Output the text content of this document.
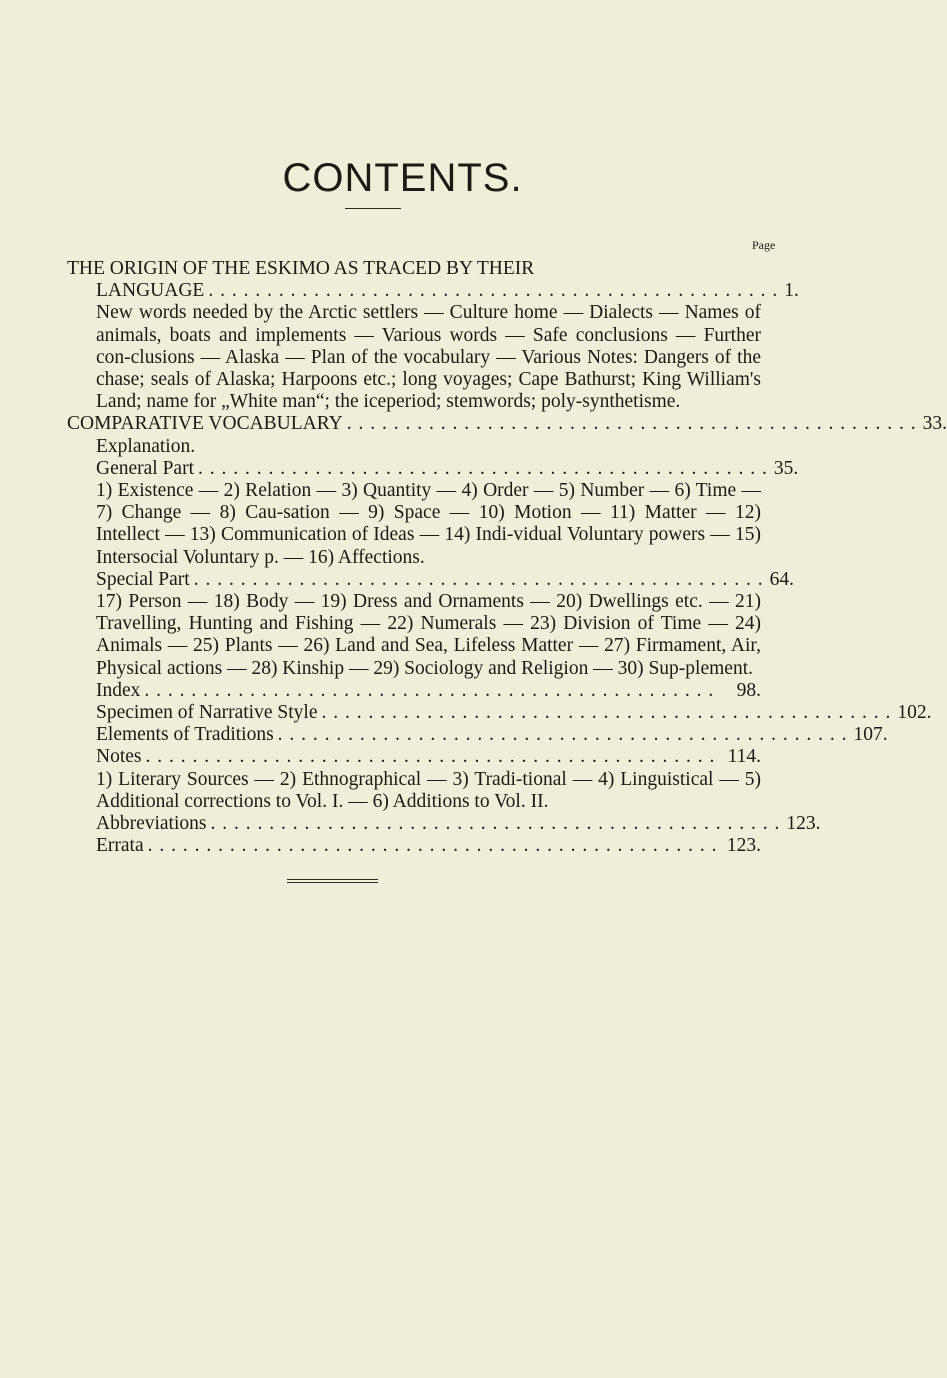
CONTENTS.
Page
THE ORIGIN OF THE ESKIMO AS TRACED BY THEIR
LANGUAGE . . . . . . . . . . . . . . . . . . . . . . . . . . . . . . . . . . . . . . . . . . . . . . . . . 1.
New words needed by the Arctic settlers — Culture home — Dialects — Names of animals, boats and implements — Various words — Safe conclusions — Further con-clusions — Alaska — Plan of the vocabulary — Various Notes: Dangers of the chase; seals of Alaska; Harpoons etc.; long voyages; Cape Bathurst; King William's Land; name for „White man“; the iceperiod; stemwords; poly-synthetisme.
COMPARATIVE VOCABULARY . . . . . . . . . . . . . . . . . . . . . . . . . . . . . . . . . . . . . . . . . . . . . . . . . 33.
Explanation.
General Part . . . . . . . . . . . . . . . . . . . . . . . . . . . . . . . . . . . . . . . . . . . . . . . . . 35.
1) Existence — 2) Relation — 3) Quantity — 4) Order — 5) Number — 6) Time — 7) Change — 8) Cau-sation — 9) Space — 10) Motion — 11) Matter — 12) Intellect — 13) Communication of Ideas — 14) Indi-vidual Voluntary powers — 15) Intersocial Voluntary p. — 16) Affections.
Special Part . . . . . . . . . . . . . . . . . . . . . . . . . . . . . . . . . . . . . . . . . . . . . . . . . 64.
17) Person — 18) Body — 19) Dress and Ornaments — 20) Dwellings etc. — 21) Travelling, Hunting and Fishing — 22) Numerals — 23) Division of Time — 24) Animals — 25) Plants — 26) Land and Sea, Lifeless Matter — 27) Firmament, Air, Physical actions — 28) Kinship — 29) Sociology and Religion — 30) Sup-plement.
Index . . . . . . . . . . . . . . . . . . . . . . . . . . . . . . . . . . . . . . . . . . . . . . . . .	98.
Specimen of Narrative Style . . . . . . . . . . . . . . . . . . . . . . . . . . . . . . . . . . . . . . . . . . . . . . . . . 102.
Elements of Traditions . . . . . . . . . . . . . . . . . . . . . . . . . . . . . . . . . . . . . . . . . . . . . . . . . 107.
Notes . . . . . . . . . . . . . . . . . . . . . . . . . . . . . . . . . . . . . . . . . . . . . . . . . 114.
1) Literary Sources — 2) Ethnographical — 3) Tradi-tional — 4) Linguistical — 5) Additional corrections to Vol. I. — 6) Additions to Vol. II.
Abbreviations . . . . . . . . . . . . . . . . . . . . . . . . . . . . . . . . . . . . . . . . . . . . . . . . . 123.
Errata . . . . . . . . . . . . . . . . . . . . . . . . . . . . . . . . . . . . . . . . . . . . . . . . . 123.
